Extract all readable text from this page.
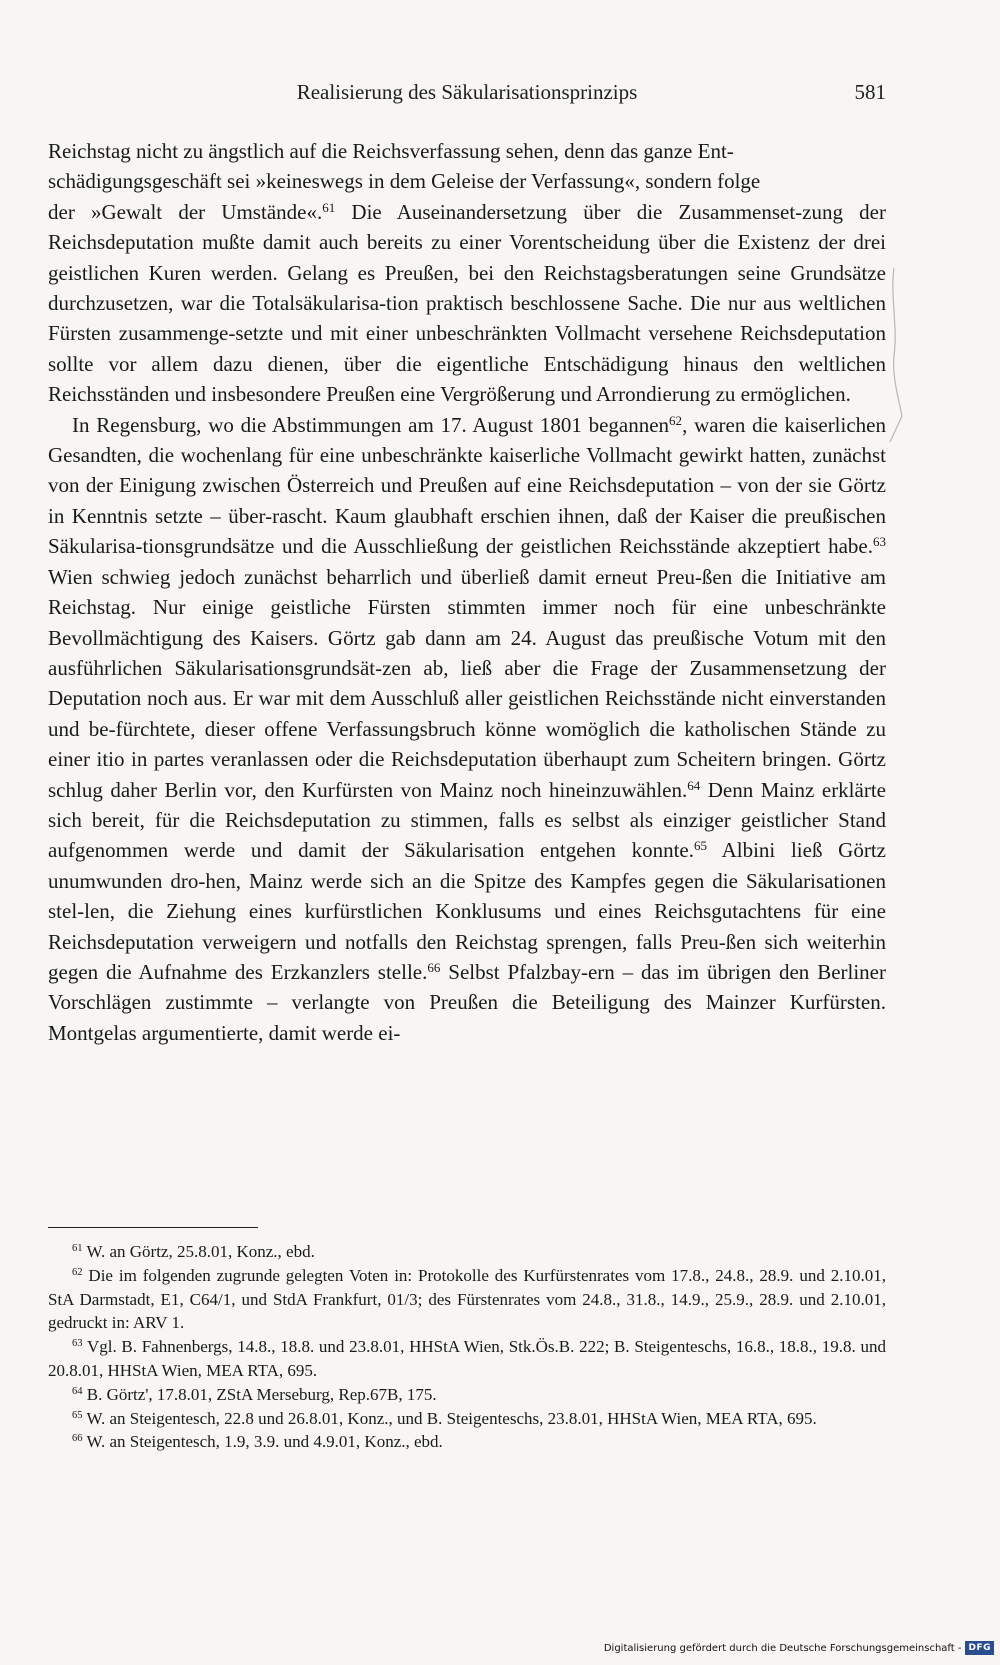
Realisierung des Säkularisationsprinzips	581

Reichstag nicht zu ängstlich auf die Reichsverfassung sehen, denn das ganze Ent-
schädigungsgeschäft sei »keineswegs in dem Geleise der Verfassung«, sondern folge
der »Gewalt der Umstände«.$^{61}$ Die Auseinandersetzung über die Zusammenset-zung der Reichsdeputation mußte damit auch bereits zu einer Vorentscheidung über die Existenz der drei geistlichen Kuren werden. Gelang es Preußen, bei den Reichstagsberatungen seine Grundsätze durchzusetzen, war die Totalsäkularisa-tion praktisch beschlossene Sache. Die nur aus weltlichen Fürsten zusammenge-setzte und mit einer unbeschränkten Vollmacht versehene Reichsdeputation sollte vor allem dazu dienen, über die eigentliche Entschädigung hinaus den weltlichen Reichsständen und insbesondere Preußen eine Vergrößerung und Arrondierung zu ermöglichen.

In Regensburg, wo die Abstimmungen am 17. August 1801 begannen$^{62}$, waren die kaiserlichen Gesandten, die wochenlang für eine unbeschränkte kaiserliche Vollmacht gewirkt hatten, zunächst von der Einigung zwischen Österreich und Preußen auf eine Reichsdeputation – von der sie Görtz in Kenntnis setzte – über-rascht. Kaum glaubhaft erschien ihnen, daß der Kaiser die preußischen Säkularisa-tionsgrundsätze und die Ausschließung der geistlichen Reichsstände akzeptiert habe.$^{63}$ Wien schwieg jedoch zunächst beharrlich und überließ damit erneut Preu-ßen die Initiative am Reichstag. Nur einige geistliche Fürsten stimmten immer noch für eine unbeschränkte Bevollmächtigung des Kaisers. Görtz gab dann am 24. August das preußische Votum mit den ausführlichen Säkularisationsgrundsät-zen ab, ließ aber die Frage der Zusammensetzung der Deputation noch aus. Er war mit dem Ausschluß aller geistlichen Reichsstände nicht einverstanden und be-fürchtete, dieser offene Verfassungsbruch könne womöglich die katholischen Stände zu einer itio in partes veranlassen oder die Reichsdeputation überhaupt zum Scheitern bringen. Görtz schlug daher Berlin vor, den Kurfürsten von Mainz noch hineinzuwählen.$^{64}$ Denn Mainz erklärte sich bereit, für die Reichsdeputation zu stimmen, falls es selbst als einziger geistlicher Stand aufgenommen werde und damit der Säkularisation entgehen konnte.$^{65}$ Albini ließ Görtz unumwunden dro-hen, Mainz werde sich an die Spitze des Kampfes gegen die Säkularisationen stel-len, die Ziehung eines kurfürstlichen Konklusums und eines Reichsgutachtens für eine Reichsdeputation verweigern und notfalls den Reichstag sprengen, falls Preu-ßen sich weiterhin gegen die Aufnahme des Erzkanzlers stelle.$^{66}$ Selbst Pfalzbay-ern – das im übrigen den Berliner Vorschlägen zustimmte – verlangte von Preußen die Beteiligung des Mainzer Kurfürsten. Montgelas argumentierte, damit werde ei-

$^{61}$ W. an Görtz, 25.8.01, Konz., ebd.

$^{62}$ Die im folgenden zugrunde gelegten Voten in: Protokolle des Kurfürstenrates vom 17.8., 24.8., 28.9. und 2.10.01, StA Darmstadt, E1, C64/1, und StdA Frankfurt, 01/3; des Fürstenrates vom 24.8., 31.8., 14.9., 25.9., 28.9. und 2.10.01, gedruckt in: ARV 1.

$^{63}$ Vgl. B. Fahnenbergs, 14.8., 18.8. und 23.8.01, HHStA Wien, Stk.Ös.B. 222; B. Steigenteschs, 16.8., 18.8., 19.8. und 20.8.01, HHStA Wien, MEA RTA, 695.

$^{64}$ B. Görtz', 17.8.01, ZStA Merseburg, Rep.67B, 175.

$^{65}$ W. an Steigentesch, 22.8 und 26.8.01, Konz., und B. Steigenteschs, 23.8.01, HHStA Wien, MEA RTA, 695.

$^{66}$ W. an Steigentesch, 1.9, 3.9. und 4.9.01, Konz., ebd.

Digitalisierung gefördert durch die Deutsche Forschungsgemeinschaft - DFG
